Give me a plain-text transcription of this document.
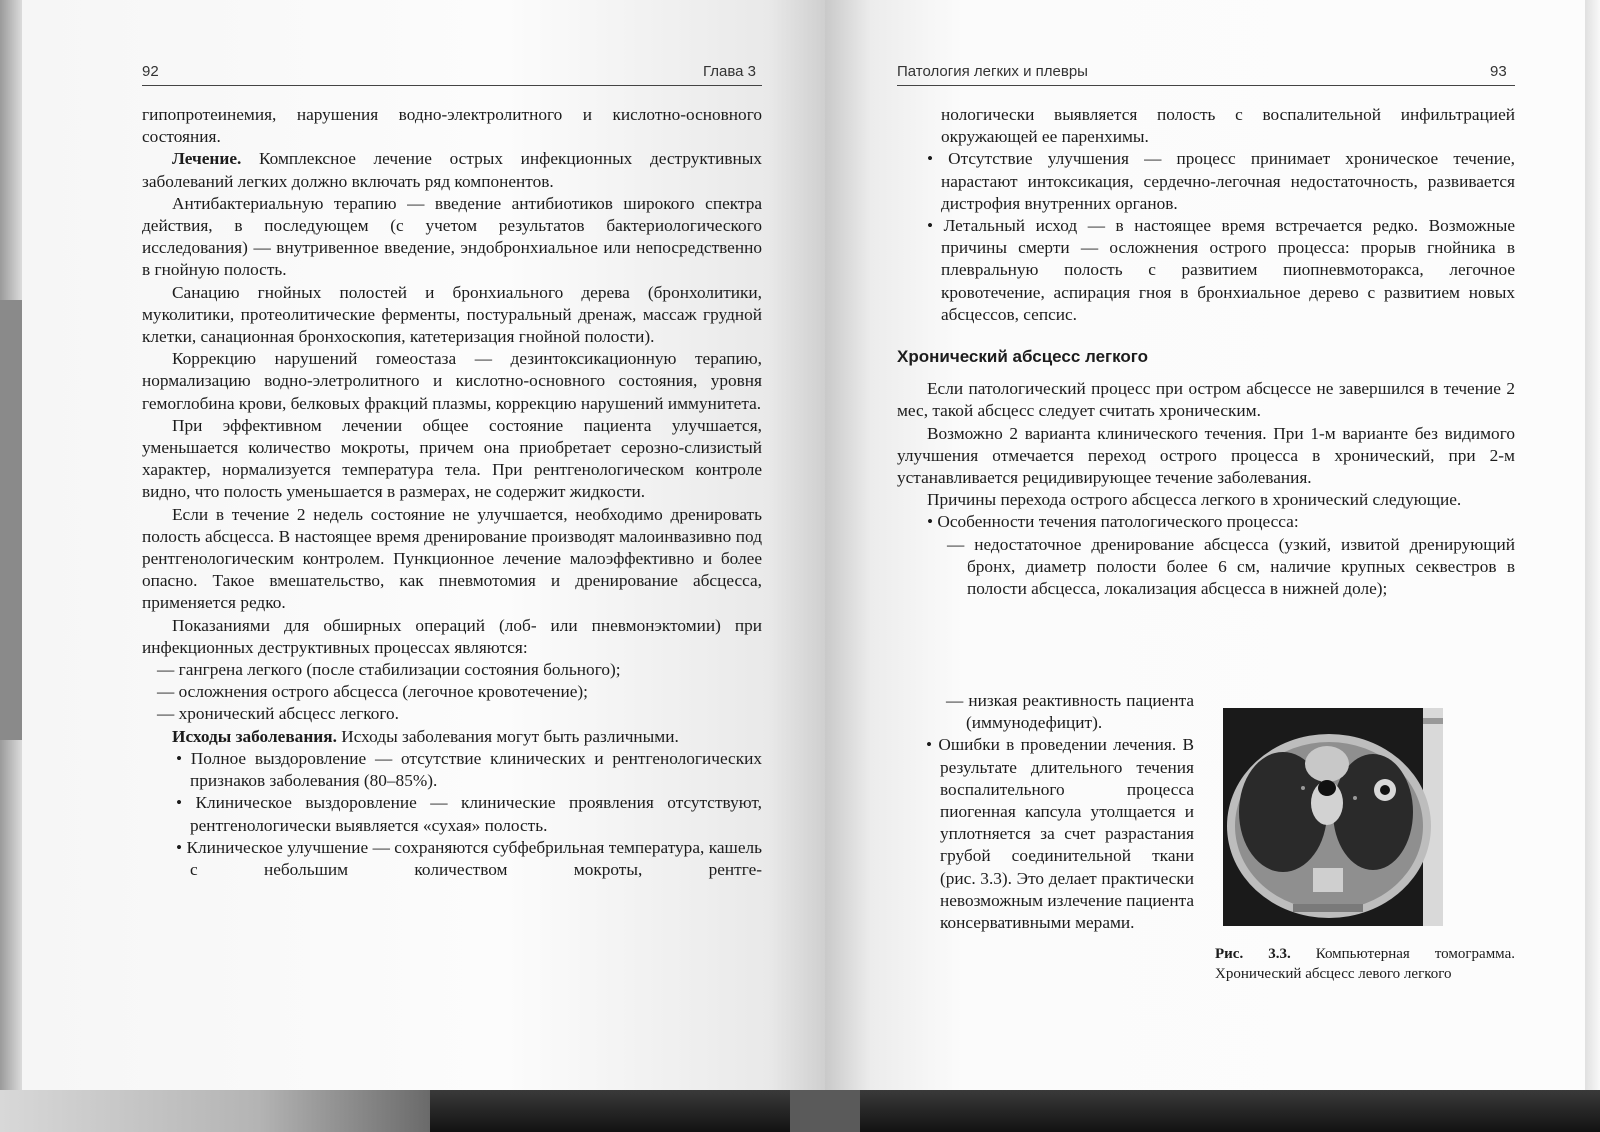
92	Глава 3

гипопротеинемия, нарушения водно-электролитного и кислотно-основного состояния.

Лечение. Комплексное лечение острых инфекционных деструктивных заболеваний легких должно включать ряд компонентов.

Антибактериальную терапию — введение антибиотиков широкого спектра действия, в последующем (с учетом результатов бактериологического исследования) — внутривенное введение, эндобронхиальное или непосредственно в гнойную полость.

Санацию гнойных полостей и бронхиального дерева (бронхолитики, муколитики, протеолитические ферменты, постуральный дренаж, массаж грудной клетки, санационная бронхоскопия, катетеризация гнойной полости).

Коррекцию нарушений гомеостаза — дезинтоксикационную терапию, нормализацию водно-элетролитного и кислотно-основного состояния, уровня гемоглобина крови, белковых фракций плазмы, коррекцию нарушений иммунитета.

При эффективном лечении общее состояние пациента улучшается, уменьшается количество мокроты, причем она приобретает серозно-слизистый характер, нормализуется температура тела. При рентгенологическом контроле видно, что полость уменьшается в размерах, не содержит жидкости.

Если в течение 2 недель состояние не улучшается, необходимо дренировать полость абсцесса. В настоящее время дренирование производят малоинвазивно под рентгенологическим контролем. Пункционное лечение малоэффективно и более опасно. Такое вмешательство, как пневмотомия и дренирование абсцесса, применяется редко.

Показаниями для обширных операций (лоб- или пневмонэктомии) при инфекционных деструктивных процессах являются:

— гангрена легкого (после стабилизации состояния больного);

— осложнения острого абсцесса (легочное кровотечение);

— хронический абсцесс легкого.

Исходы заболевания. Исходы заболевания могут быть различными.

• Полное выздоровление — отсутствие клинических и рентгенологических признаков заболевания (80–85%).

• Клиническое выздоровление — клинические проявления отсутствуют, рентгенологически выявляется «сухая» полость.

• Клиническое улучшение — сохраняются субфебрильная температура, кашель с небольшим количеством мокроты, рентге-

Патология легких и плевры	93

нологически выявляется полость с воспалительной инфильтрацией окружающей ее паренхимы.

• Отсутствие улучшения — процесс принимает хроническое течение, нарастают интоксикация, сердечно-легочная недостаточность, развивается дистрофия внутренних органов.

• Летальный исход — в настоящее время встречается редко. Возможные причины смерти — осложнения острого процесса: прорыв гнойника в плевральную полость с развитием пиопневмоторакса, легочное кровотечение, аспирация гноя в бронхиальное дерево с развитием новых абсцессов, сепсис.

Хронический абсцесс легкого

Если патологический процесс при остром абсцессе не завершился в течение 2 мес, такой абсцесс следует считать хроническим.

Возможно 2 варианта клинического течения. При 1-м варианте без видимого улучшения отмечается переход острого процесса в хронический, при 2-м устанавливается рецидивирующее течение заболевания.

Причины перехода острого абсцесса легкого в хронический следующие.

• Особенности течения патологического процесса:

— недостаточное дренирование абсцесса (узкий, извитой дренирующий бронх, диаметр полости более 6 см, наличие крупных секвестров в полости абсцесса, локализация абсцесса в нижней доле);

— низкая реактивность пациента (иммунодефицит).

• Ошибки в проведении лечения. В результате длительного течения воспалительного процесса пиогенная капсула утолщается и уплотняется за счет разрастания грубой соединительной ткани (рис. 3.3). Это делает практически невозможным излечение пациента консервативными мерами.

Рис. 3.3. Компьютерная томограмма. Хронический абсцесс левого легкого
